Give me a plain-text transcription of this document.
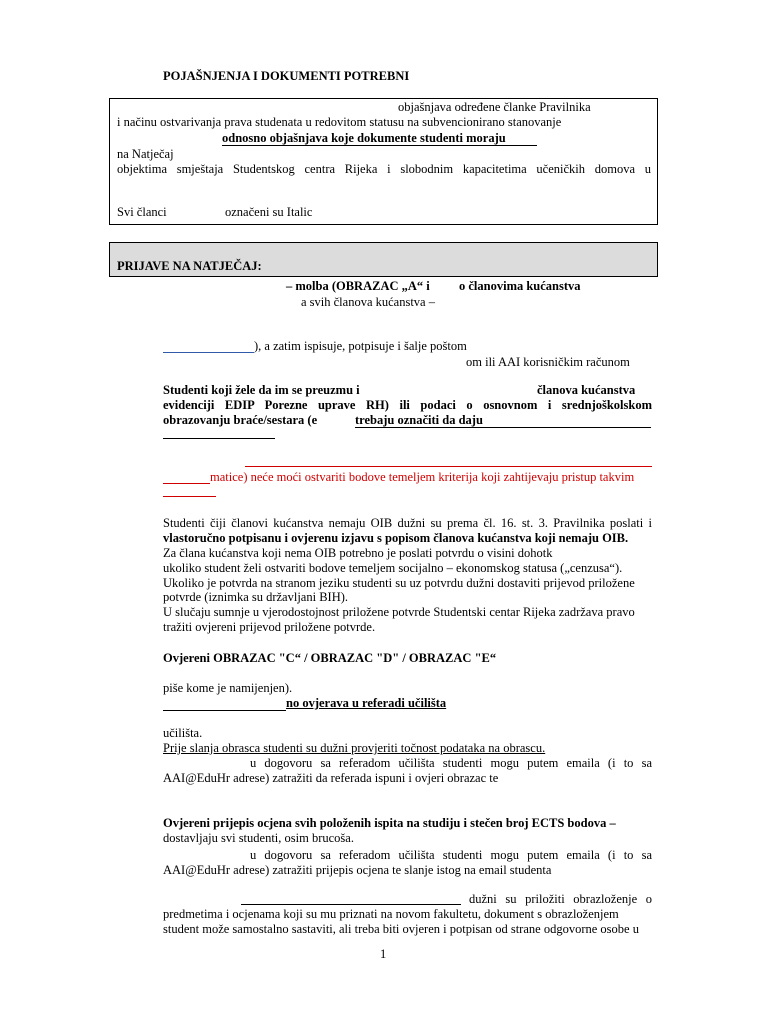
POJAŠNJENJA I DOKUMENTI POTREBNI
objašnjava određene članke Pravilnika
i načinu ostvarivanja prava studenata u redovitom statusu na subvencionirano stanovanje
odnosno objašnjava koje dokumente studenti moraju
na Natječaj
objektima smještaja Studentskog centra Rijeka i slobodnim kapacitetima učeničkih domova u
Svi članci	označeni su Italic
PRIJAVE NA NATJEČAJ:
– molba (OBRAZAC „A“ i o članovima kućanstva
a svih članova kućanstva –
), a zatim ispisuje, potpisuje i šalje poštom
om ili AAI korisničkim računom
Studenti koji žele da im se preuzmu i	članova kućanstva
evidenciji EDIP Porezne uprave RH) ili podaci o osnovnom i srednjoškolskom
obrazovanju braće/sestara (e	trebaju označiti da daju
matice) neće moći ostvariti bodove temeljem kriterija koji zahtijevaju pristup takvim
Studenti čiji članovi kućanstva nemaju OIB dužni su prema čl. 16. st. 3. Pravilnika poslati i
vlastoručno potpisanu i ovjerenu izjavu s popisom članova kućanstva koji nemaju OIB.
Za člana kućanstva koji nema OIB potrebno je poslati potvrdu o visini dohotk
ukoliko student želi ostvariti bodove temeljem socijalno – ekonomskog statusa („cenzusa“).
Ukoliko je potvrda na stranom jeziku studenti su uz potvrdu dužni dostaviti prijevod priložene
potvrde (iznimka su državljani BIH).
U slučaju sumnje u vjerodostojnost priložene potvrde Studentski centar Rijeka zadržava pravo
tražiti ovjereni prijevod priložene potvrde.
Ovjereni OBRAZAC "C“ / OBRAZAC "D" / OBRAZAC "E“
piše kome je namijenjen).
no ovjerava u referadi učilišta
učilišta.
Prije slanja obrasca studenti su dužni provjeriti točnost podataka na obrascu.
u dogovoru sa referadom učilišta studenti mogu putem emaila (i to sa
AAI@EduHr adrese) zatražiti da referada ispuni i ovjeri obrazac te
Ovjereni prijepis ocjena svih položenih ispita na studiju i stečen broj ECTS bodova –
dostavljaju svi studenti, osim brucoša.
u dogovoru sa referadom učilišta studenti mogu putem emaila (i to sa
AAI@EduHr adrese) zatražiti prijepis ocjena te slanje istog na email studenta
dužni su priložiti obrazloženje o
predmetima i ocjenama koji su mu priznati na novom fakultetu, dokument s obrazloženjem
student može samostalno sastaviti, ali treba biti ovjeren i potpisan od strane odgovorne osobe u
1
